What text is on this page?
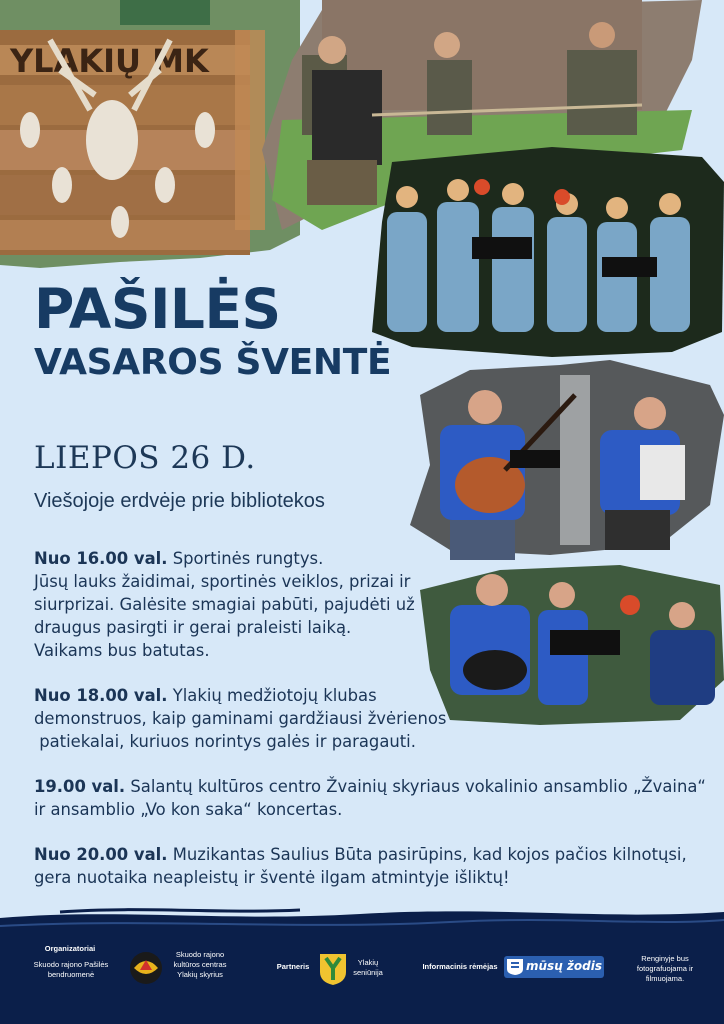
YLAKIŲ MK
PAŠILĖS
VASAROS ŠVENTĖ
LIEPOS 26 D.
Viešojoje erdvėje prie bibliotekos
Nuo 16.00 val. Sportinės rungtys.
Jūsų lauks žaidimai, sportinės veiklos, prizai ir
siurprizai. Galėsite smagiai pabūti, pajudėti už
draugus pasirgti ir gerai praleisti laiką.
Vaikams bus batutas.
Nuo 18.00 val. Ylakių medžiotojų klubas
demonstruos, kaip gaminami gardžiausi žvėrienos
patiekalai, kuriuos norintys galės ir paragauti.
19.00 val. Salantų kultūros centro Žvainių skyriaus vokalinio ansamblio „Žvaina“
ir ansamblio „Vo kon saka“ koncertas.
Nuo 20.00 val. Muzikantas Saulius Būta pasirūpins, kad kojos pačios kilnotųsi,
gera nuotaika neapleistų ir šventė ilgam atmintyje išliktų!
Organizatoriai
Skuodo rajono Pašilės
bendruomenė
Skuodo rajono
kultūros centras
Ylakių skyrius
Partneris	Ylakių
seniūnija
Informacinis rėmėjas	mūsų žodis
Renginyje bus
fotografuojama ir
filmuojama.
